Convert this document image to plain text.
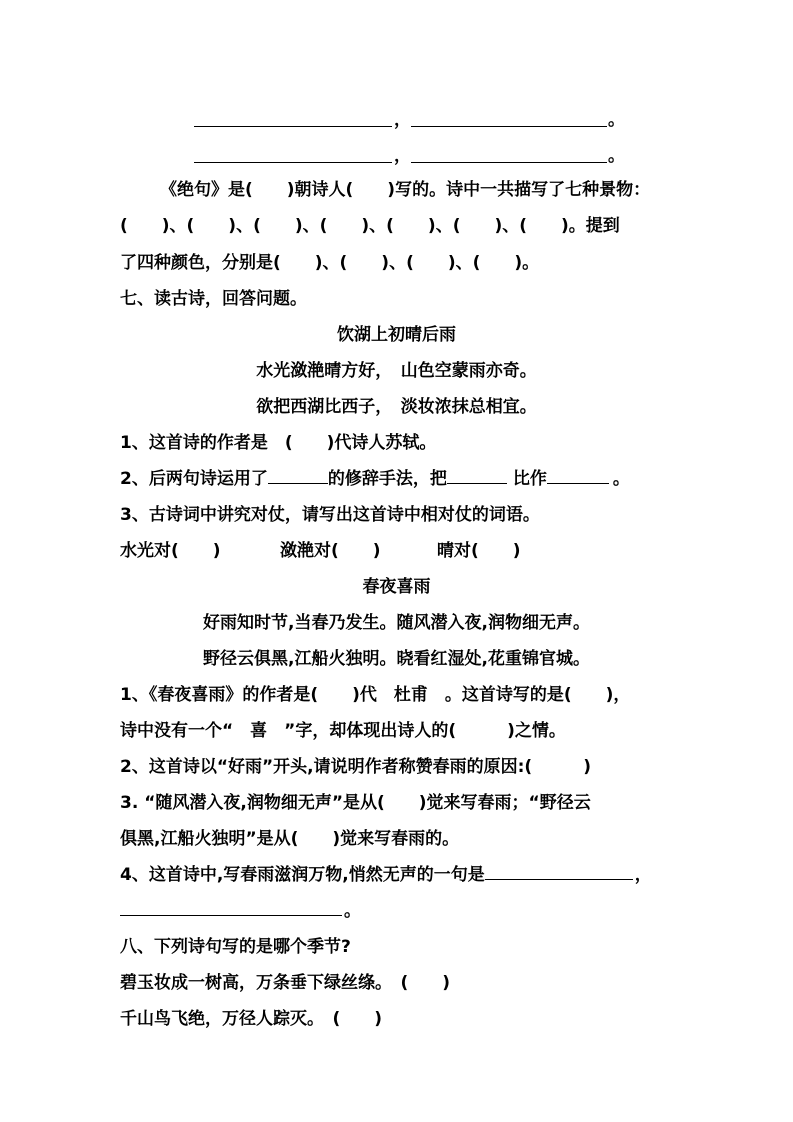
，	。
，	。
《绝句》是(　　)朝诗人(　　)写的。诗中一共描写了七种景物：
(　　)、(　　)、(　　)、(　　)、(　　)、(　　)、(　　)。提到
了四种颜色，分别是(　　)、(　　)、(　　)、(　　)。
七、读古诗，回答问题。
饮湖上初晴后雨
水光潋滟晴方好，　山色空蒙雨亦奇。
欲把西湖比西子，　淡妆浓抹总相宜。
1、这首诗的作者是　(　　)代诗人苏轼。
2、后两句诗运用了	的修辞手法，把	比作	。
3、古诗词中讲究对仗，请写出这首诗中相对仗的词语。
水光对(　　)	潋滟对(　　)	晴对(　　)
春夜喜雨
好雨知时节,当春乃发生。随风潜入夜,润物细无声。
野径云俱黑,江船火独明。晓看红湿处,花重锦官城。
1、《春夜喜雨》的作者是(　　)代　杜甫　。这首诗写的是(　　)，
诗中没有一个“　喜　”字，却体现出诗人的(　　　)之情。
2、这首诗以“好雨”开头,请说明作者称赞春雨的原因:(　　　)
3. “随风潜入夜,润物细无声”是从(　　)觉来写春雨；“野径云
俱黑,江船火独明”是从(　　)觉来写春雨的。
4、这首诗中,写春雨滋润万物,悄然无声的一句是	，
。
八、下列诗句写的是哪个季节?
碧玉妆成一树高，万条垂下绿丝绦。　(　　)
千山鸟飞绝，万径人踪灭。　(　　)
